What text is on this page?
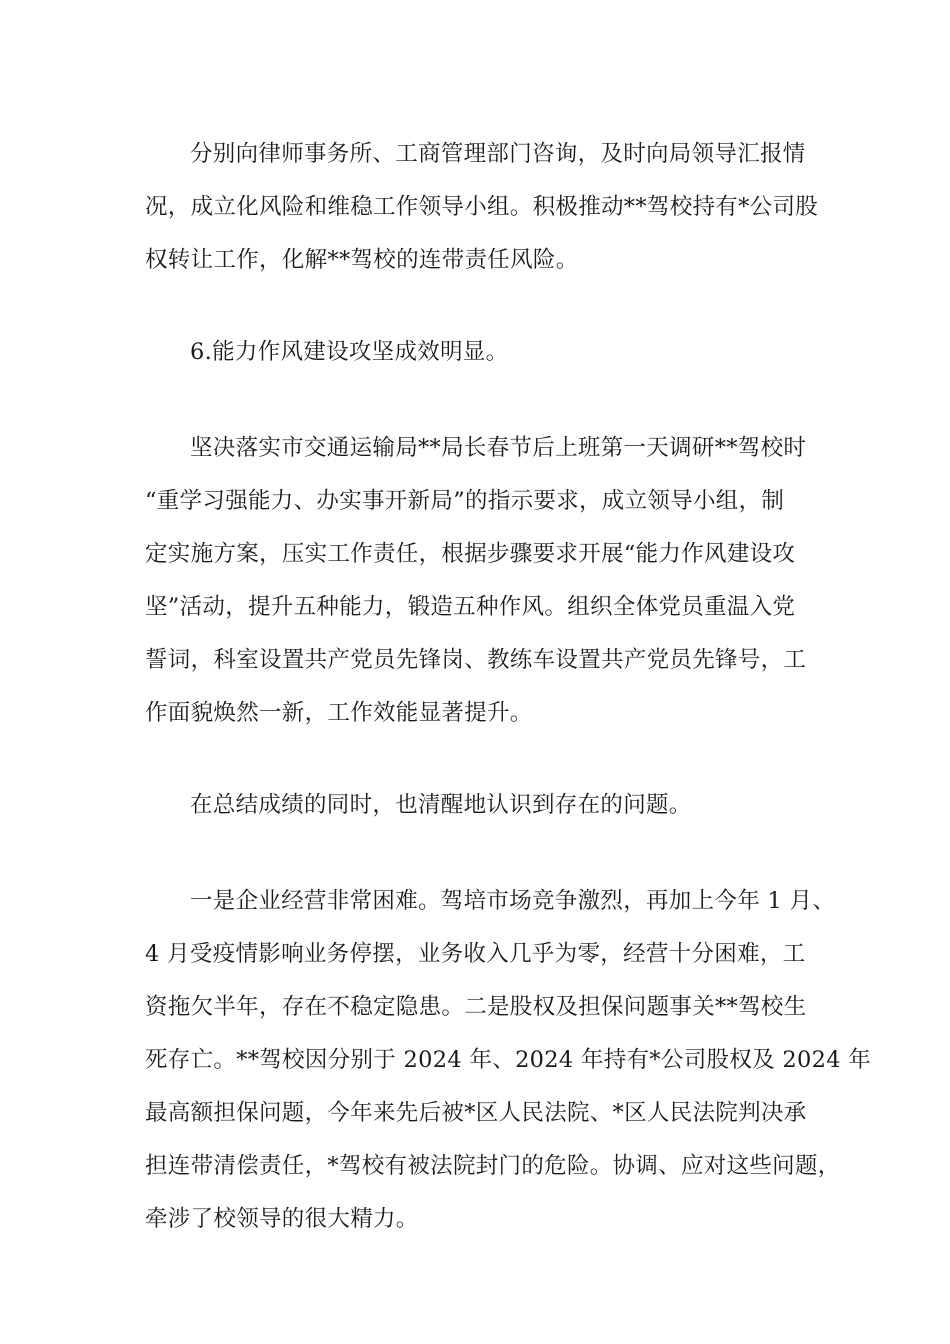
分别向律师事务所、工商管理部门咨询，及时向局领导汇报情
况，成立化风险和维稳工作领导小组。积极推动**驾校持有*公司股
权转让工作，化解**驾校的连带责任风险。
6.能力作风建设攻坚成效明显。
坚决落实市交通运输局**局长春节后上班第一天调研**驾校时
“重学习强能力、办实事开新局”的指示要求，成立领导小组，制
定实施方案，压实工作责任，根据步骤要求开展“能力作风建设攻
坚”活动，提升五种能力，锻造五种作风。组织全体党员重温入党
誓词，科室设置共产党员先锋岗、教练车设置共产党员先锋号，工
作面貌焕然一新，工作效能显著提升。
在总结成绩的同时，也清醒地认识到存在的问题。
一是企业经营非常困难。驾培市场竞争激烈，再加上今年 1 月、
4 月受疫情影响业务停摆，业务收入几乎为零，经营十分困难，工
资拖欠半年，存在不稳定隐患。二是股权及担保问题事关**驾校生
死存亡。**驾校因分别于 2024 年、2024 年持有*公司股权及 2024 年
最高额担保问题，今年来先后被*区人民法院、*区人民法院判决承
担连带清偿责任，*驾校有被法院封门的危险。协调、应对这些问题，
牵涉了校领导的很大精力。
